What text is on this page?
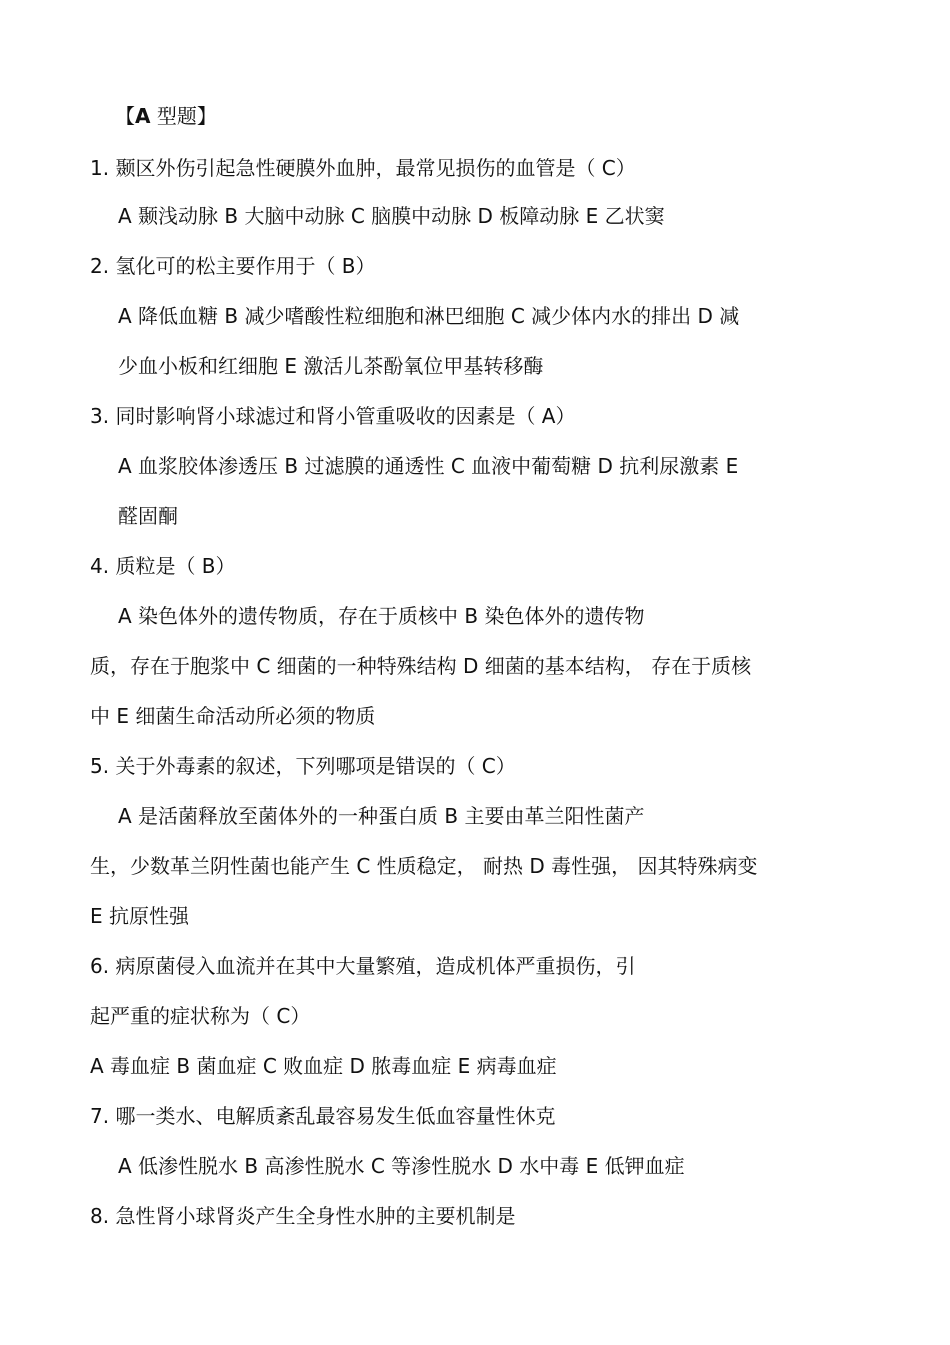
【A 型题】
1. 颞区外伤引起急性硬膜外血肿，最常见损伤的血管是（ C）
A 颞浅动脉 B 大脑中动脉 C 脑膜中动脉 D 板障动脉 E 乙状窦
2. 氢化可的松主要作用于（ B）
A 降低血糖 B 减少嗜酸性粒细胞和淋巴细胞 C 减少体内水的排出 D 减
少血小板和红细胞 E 激活儿茶酚氧位甲基转移酶
3. 同时影响肾小球滤过和肾小管重吸收的因素是（ A）
A 血浆胶体渗透压 B 过滤膜的通透性 C 血液中葡萄糖 D 抗利尿激素 E
醛固酮
4. 质粒是（ B）
A 染色体外的遗传物质，存在于质核中 B 染色体外的遗传物
质，存在于胞浆中 C 细菌的一种特殊结构 D 细菌的基本结构， 存在于质核
中 E 细菌生命活动所必须的物质
5. 关于外毒素的叙述，下列哪项是错误的（ C）
A 是活菌释放至菌体外的一种蛋白质 B 主要由革兰阳性菌产
生，少数革兰阴性菌也能产生 C 性质稳定， 耐热 D 毒性强， 因其特殊病变
E 抗原性强
6. 病原菌侵入血流并在其中大量繁殖，造成机体严重损伤，引
起严重的症状称为（ C）
A 毒血症 B 菌血症 C 败血症 D 脓毒血症 E 病毒血症
7. 哪一类水、电解质紊乱最容易发生低血容量性休克
A 低渗性脱水 B 高渗性脱水 C 等渗性脱水 D 水中毒 E 低钾血症
8. 急性肾小球肾炎产生全身性水肿的主要机制是
